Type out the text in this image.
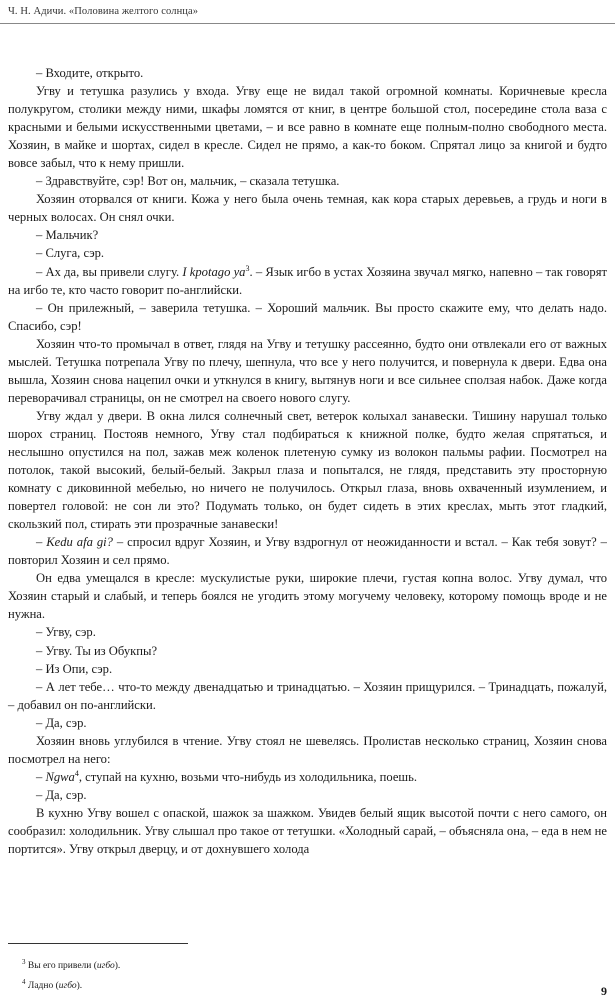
Ч. Н. Адичи. «Половина желтого солнца»

– Входите, открыто.

Угву и тетушка разулись у входа. Угву еще не видал такой огромной комнаты. Коричневые кресла полукругом, столики между ними, шкафы ломятся от книг, в центре большой стол, посередине стола ваза с красными и белыми искусственными цветами, – и все равно в комнате еще полным-полно свободного места. Хозяин, в майке и шортах, сидел в кресле. Сидел не прямо, а как-то боком. Спрятал лицо за книгой и будто вовсе забыл, что к нему пришли.

– Здравствуйте, сэр! Вот он, мальчик, – сказала тетушка.

Хозяин оторвался от книги. Кожа у него была очень темная, как кора старых деревьев, а грудь и ноги в черных волосах. Он снял очки.

– Мальчик?

– Слуга, сэр.

– Ах да, вы привели слугу. I kpotago $ya^3$. – Язык игбо в устах Хозяина звучал мягко, напевно – так говорят на игбо те, кто часто говорит по-английски.

– Он прилежный, – заверила тетушка. – Хороший мальчик. Вы просто скажите ему, что делать надо. Спасибо, сэр!

Хозяин что-то промычал в ответ, глядя на Угву и тетушку рассеянно, будто они отвлекали его от важных мыслей. Тетушка потрепала Угву по плечу, шепнула, что все у него получится, и повернула к двери. Едва она вышла, Хозяин снова нацепил очки и уткнулся в книгу, вытянув ноги и все сильнее сползая набок. Даже когда переворачивал страницы, он не смотрел на своего нового слугу.

Угву ждал у двери. В окна лился солнечный свет, ветерок колыхал занавески. Тишину нарушал только шорох страниц. Постояв немного, Угву стал подбираться к книжной полке, будто желая спрятаться, и неслышно опустился на пол, зажав меж коленок плетеную сумку из волокон пальмы рафии. Посмотрел на потолок, такой высокий, белый-белый. Закрыл глаза и попытался, не глядя, представить эту просторную комнату с диковинной мебелью, но ничего не получилось. Открыл глаза, вновь охваченный изумлением, и повертел головой: не сон ли это? Подумать только, он будет сидеть в этих креслах, мыть этот гладкий, скользкий пол, стирать эти прозрачные занавески!

– Kedu afa gi? – спросил вдруг Хозяин, и Угву вздрогнул от неожиданности и встал. – Как тебя зовут? – повторил Хозяин и сел прямо.

Он едва умещался в кресле: мускулистые руки, широкие плечи, густая копна волос. Угву думал, что Хозяин старый и слабый, и теперь боялся не угодить этому могучему человеку, которому помощь вроде и не нужна.

– Угву, сэр.

– Угву. Ты из Обукпы?

– Из Опи, сэр.

– А лет тебе… что-то между двенадцатью и тринадцатью. – Хозяин прищурился. – Тринадцать, пожалуй, – добавил он по-английски.

– Да, сэр.

Хозяин вновь углубился в чтение. Угву стоял не шевелясь. Пролистав несколько страниц, Хозяин снова посмотрел на него:

– Ngwa$^4$, ступай на кухню, возьми что-нибудь из холодильника, поешь.

– Да, сэр.

В кухню Угву вошел с опаской, шажок за шажком. Увидев белый ящик высотой почти с него самого, он сообразил: холодильник. Угву слышал про такое от тетушки. «Холодный сарай, – объясняла она, – еда в нем не портится». Угву открыл дверцу, и от дохнувшего холода

$^3$ Вы его привели (игбо).
$^4$ Ладно (игбо).	9
